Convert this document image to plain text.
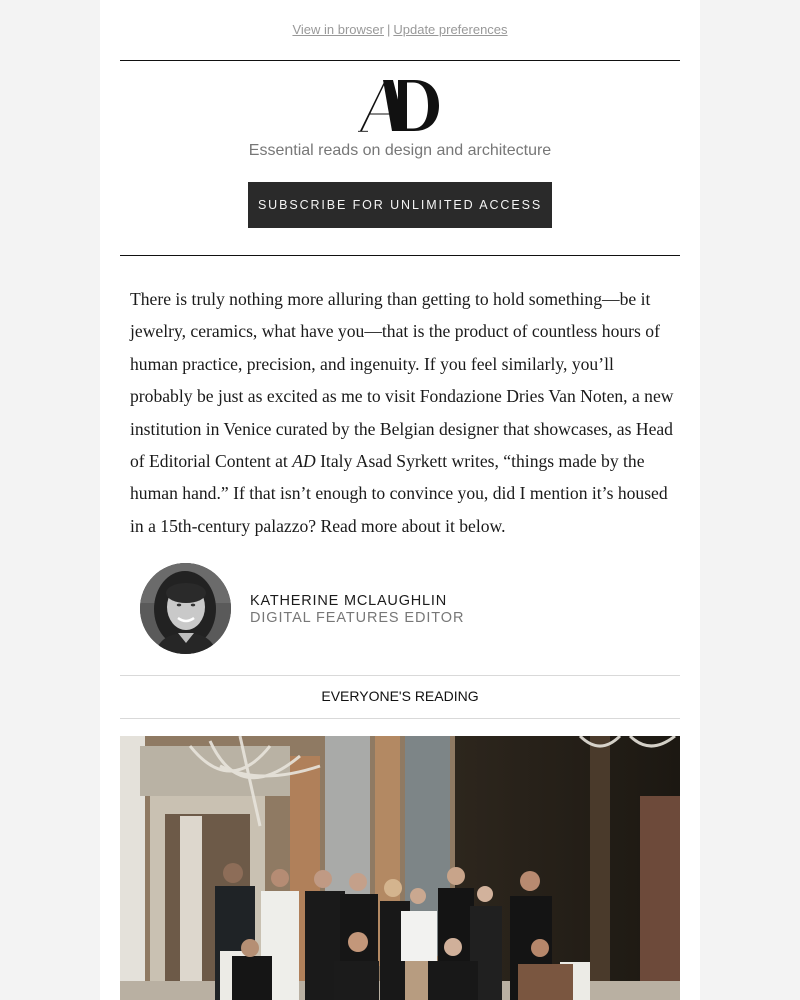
View in browser | Update preferences
Essential reads on design and architecture
SUBSCRIBE FOR UNLIMITED ACCESS

There is truly nothing more alluring than getting to hold something—be it jewelry, ceramics, what have you—that is the product of countless hours of human practice, precision, and ingenuity. If you feel similarly, you’ll probably be just as excited as me to visit Fondazione Dries Van Noten, a new institution in Venice curated by the Belgian designer that showcases, as Head of Editorial Content at AD Italy Asad Syrkett writes, “things made by the human hand.” If that isn’t enough to convince you, did I mention it’s housed in a 15th-century palazzo? Read more about it below.

KATHERINE MCLAUGHLIN
DIGITAL FEATURES EDITOR
EVERYONE'S READING
